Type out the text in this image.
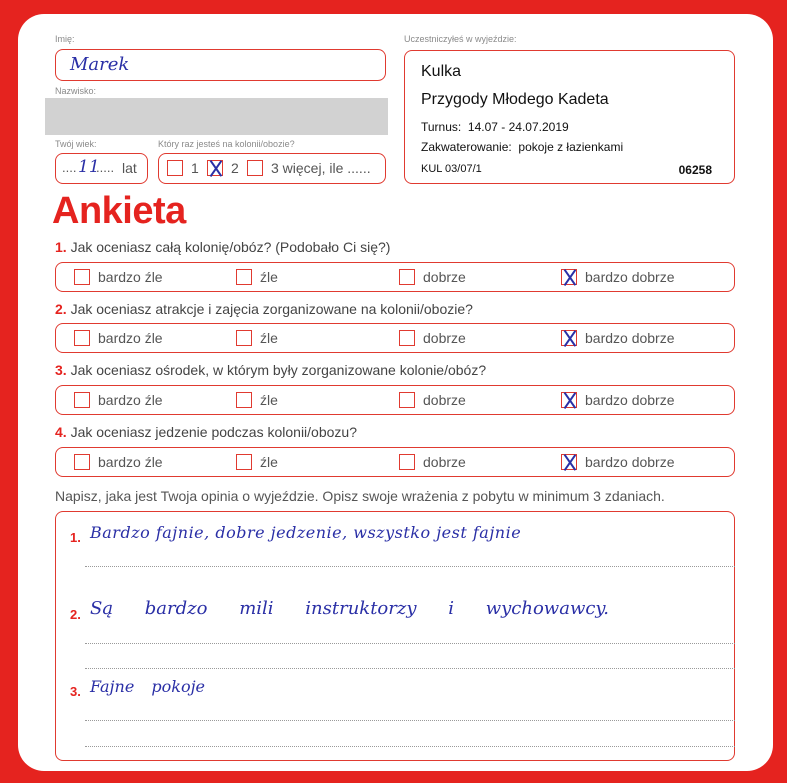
Imię:
Marek
Nazwisko:
Twój wiek:
.... 11
..... lat
Który raz jesteś na kolonii/obozie?
1 2 3 więcej, ile ......
Uczestniczyłeś w wyjeździe:
Kulka
Przygody Młodego Kadeta
Turnus: 14.07 - 24.07.2019
Zakwaterowanie: pokoje z łazienkami
KUL 03/07/1	06258
Ankieta
1. Jak oceniasz całą kolonię/obóz? (Podobało Ci się?)
bardzo źle	źle	dobrze	bardzo dobrze
2. Jak oceniasz atrakcje i zajęcia zorganizowane na kolonii/obozie?
bardzo źle	źle	dobrze	bardzo dobrze
3. Jak oceniasz ośrodek, w którym były zorganizowane kolonie/obóz?
bardzo źle	źle	dobrze	bardzo dobrze
4. Jak oceniasz jedzenie podczas kolonii/obozu?
bardzo źle	źle	dobrze	bardzo dobrze
Napisz, jaka jest Twoja opinia o wyjeździe. Opisz swoje wrażenia z pobytu w minimum 3 zdaniach.
1. Bardzo fajnie, dobre jedzenie, wszystko jest fajnie
2. Są bardzo mili instruktorzy i wychowawcy.
3. Fajne pokoje
